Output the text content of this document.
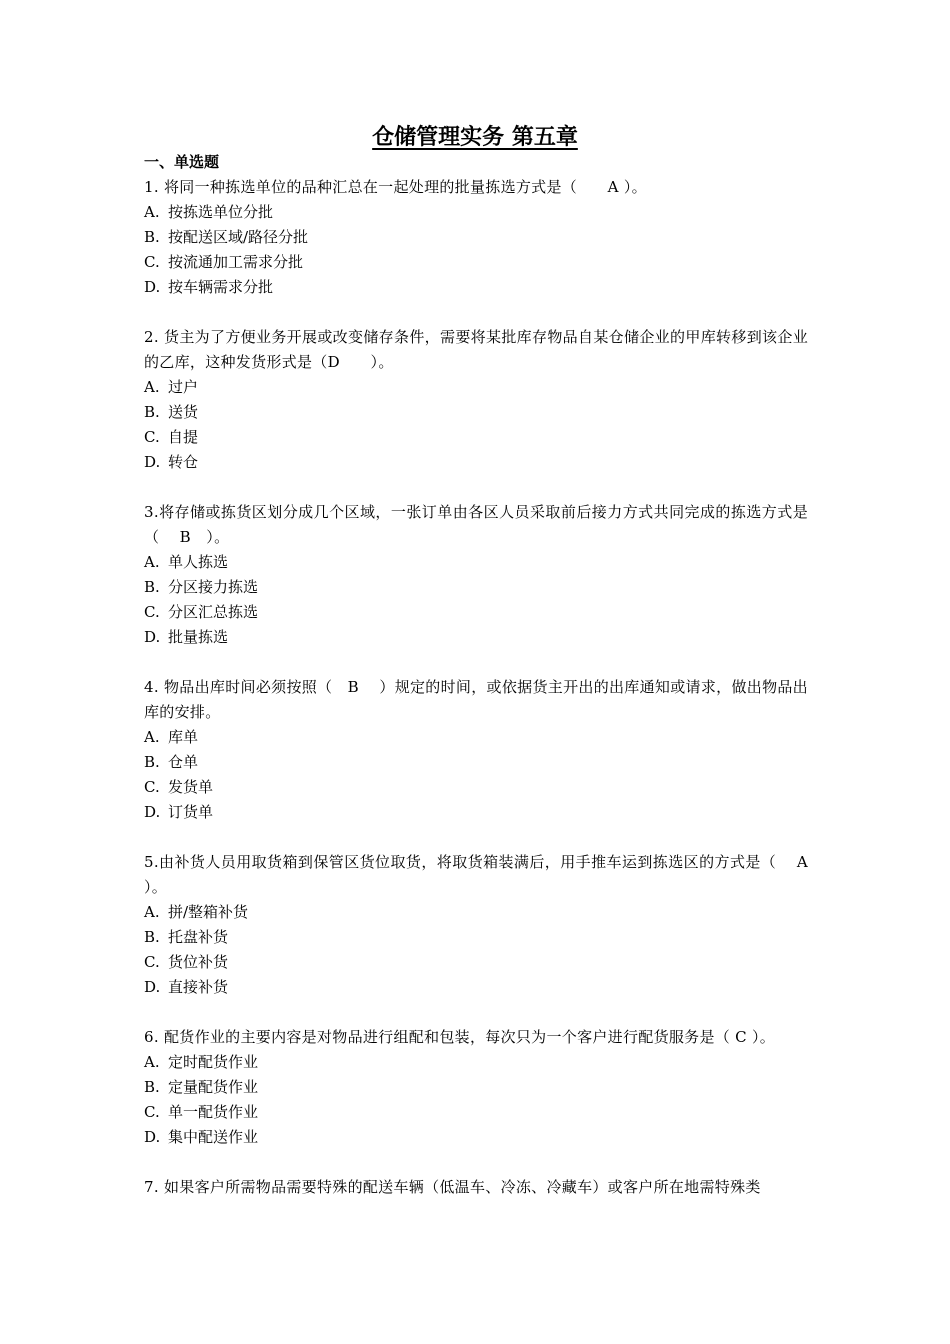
仓储管理实务 第五章
一、单选题
1. 将同一种拣选单位的品种汇总在一起处理的批量拣选方式是（　　A ）。
A. 按拣选单位分批
B. 按配送区域/路径分批
C. 按流通加工需求分批
D. 按车辆需求分批
2. 货主为了方便业务开展或改变储存条件，需要将某批库存物品自某仓储企业的甲库转移到该企业的乙库，这种发货形式是（D　　）。
A. 过户
B. 送货
C. 自提
D. 转仓
3.将存储或拣货区划分成几个区域，一张订单由各区人员采取前后接力方式共同完成的拣选方式是（　 B　）。
A. 单人拣选
B. 分区接力拣选
C. 分区汇总拣选
D. 批量拣选
4. 物品出库时间必须按照（　B　 ）规定的时间，或依据货主开出的出库通知或请求，做出物品出库的安排。
A. 库单
B. 仓单
C. 发货单
D. 订货单
5.由补货人员用取货箱到保管区货位取货，将取货箱装满后，用手推车运到拣选区的方式是（　 A ）。
A. 拼/整箱补货
B. 托盘补货
C. 货位补货
D. 直接补货
6. 配货作业的主要内容是对物品进行组配和包装，每次只为一个客户进行配货服务是（ C ）。
A. 定时配货作业
B. 定量配货作业
C. 单一配货作业
D. 集中配送作业
7. 如果客户所需物品需要特殊的配送车辆（低温车、冷冻、冷藏车）或客户所在地需特殊类
